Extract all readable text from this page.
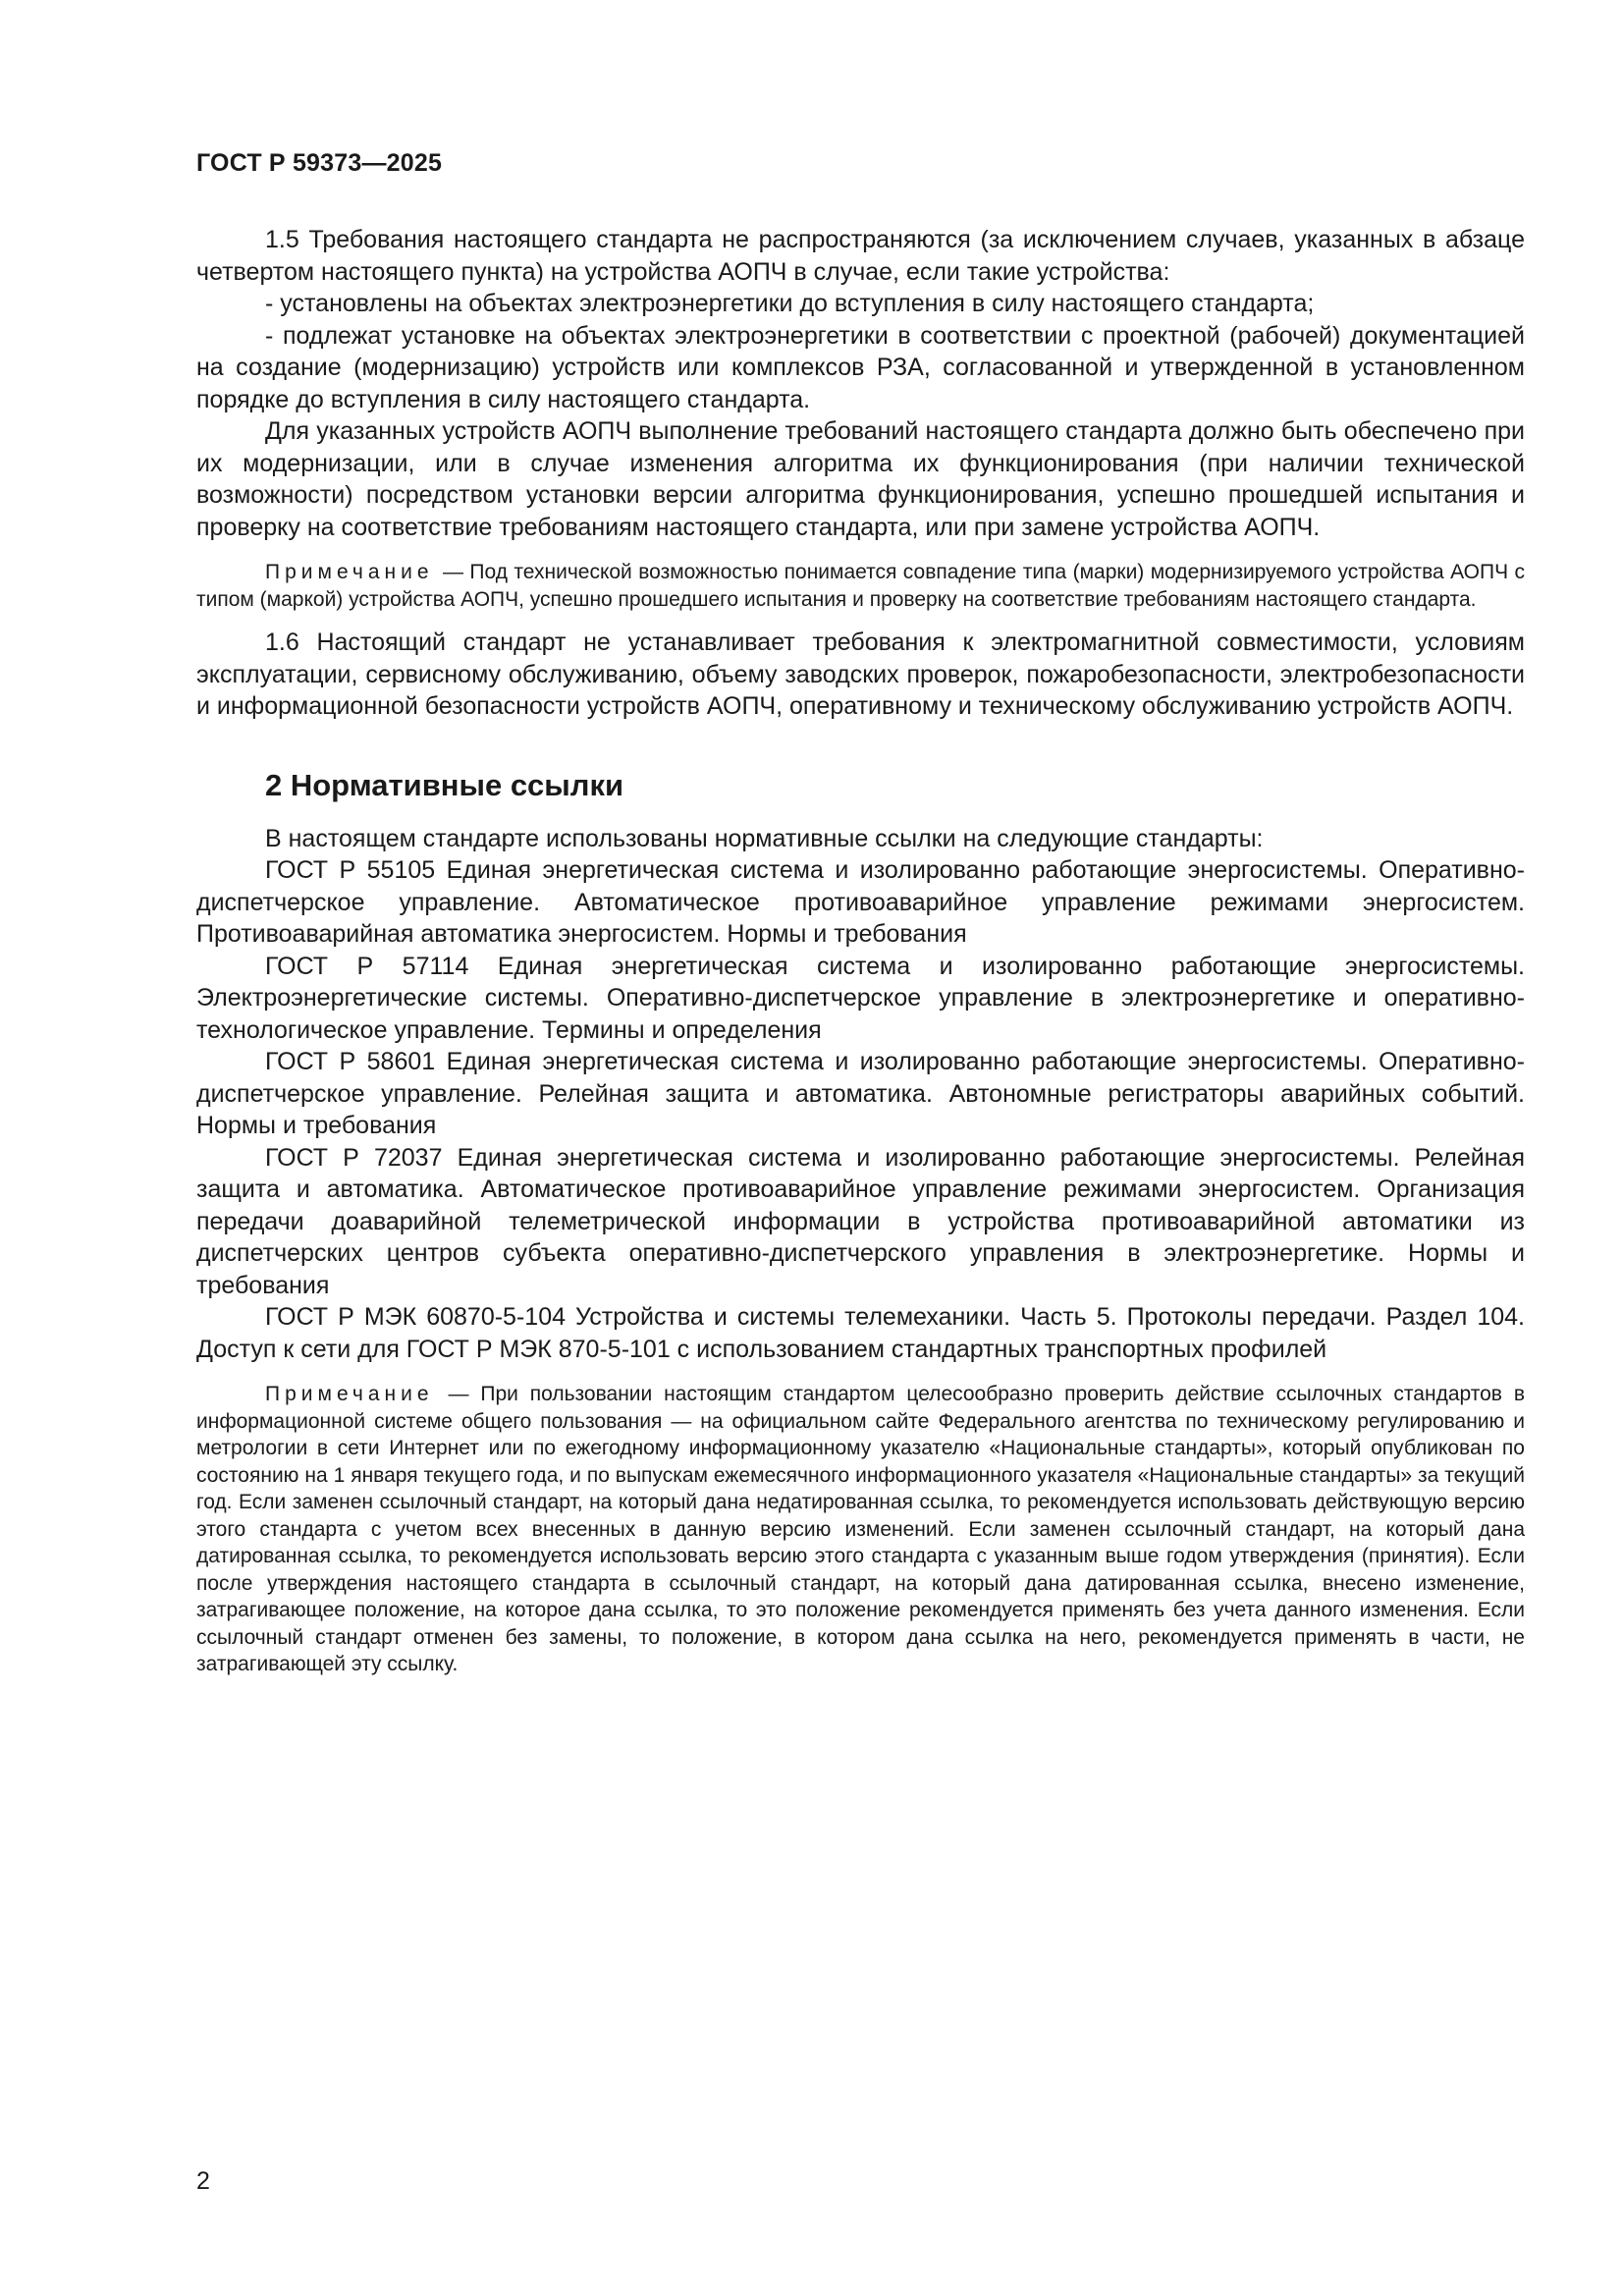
ГОСТ Р 59373—2025

1.5 Требования настоящего стандарта не распространяются (за исключением случаев, указанных в абзаце четвертом настоящего пункта) на устройства АОПЧ в случае, если такие устройства:

- установлены на объектах электроэнергетики до вступления в силу настоящего стандарта;

- подлежат установке на объектах электроэнергетики в соответствии с проектной (рабочей) документацией на создание (модернизацию) устройств или комплексов РЗА, согласованной и утвержденной в установленном порядке до вступления в силу настоящего стандарта.

Для указанных устройств АОПЧ выполнение требований настоящего стандарта должно быть обеспечено при их модернизации, или в случае изменения алгоритма их функционирования (при наличии технической возможности) посредством установки версии алгоритма функционирования, успешно прошедшей испытания и проверку на соответствие требованиям настоящего стандарта, или при замене устройства АОПЧ.

Примечание — Под технической возможностью понимается совпадение типа (марки) модернизируемого устройства АОПЧ с типом (маркой) устройства АОПЧ, успешно прошедшего испытания и проверку на соответствие требованиям настоящего стандарта.

1.6 Настоящий стандарт не устанавливает требования к электромагнитной совместимости, условиям эксплуатации, сервисному обслуживанию, объему заводских проверок, пожаробезопасности, электробезопасности и информационной безопасности устройств АОПЧ, оперативному и техническому обслуживанию устройств АОПЧ.

2 Нормативные ссылки

В настоящем стандарте использованы нормативные ссылки на следующие стандарты:

ГОСТ Р 55105 Единая энергетическая система и изолированно работающие энергосистемы. Оперативно-диспетчерское управление. Автоматическое противоаварийное управление режимами энергосистем. Противоаварийная автоматика энергосистем. Нормы и требования

ГОСТ Р 57114 Единая энергетическая система и изолированно работающие энергосистемы. Электроэнергетические системы. Оперативно-диспетчерское управление в электроэнергетике и оперативно-технологическое управление. Термины и определения

ГОСТ Р 58601 Единая энергетическая система и изолированно работающие энергосистемы. Оперативно-диспетчерское управление. Релейная защита и автоматика. Автономные регистраторы аварийных событий. Нормы и требования

ГОСТ Р 72037 Единая энергетическая система и изолированно работающие энергосистемы. Релейная защита и автоматика. Автоматическое противоаварийное управление режимами энергосистем. Организация передачи доаварийной телеметрической информации в устройства противоаварийной автоматики из диспетчерских центров субъекта оперативно-диспетчерского управления в электроэнергетике. Нормы и требования

ГОСТ Р МЭК 60870-5-104 Устройства и системы телемеханики. Часть 5. Протоколы передачи. Раздел 104. Доступ к сети для ГОСТ Р МЭК 870-5-101 с использованием стандартных транспортных профилей

Примечание — При пользовании настоящим стандартом целесообразно проверить действие ссылочных стандартов в информационной системе общего пользования — на официальном сайте Федерального агентства по техническому регулированию и метрологии в сети Интернет или по ежегодному информационному указателю «Национальные стандарты», который опубликован по состоянию на 1 января текущего года, и по выпускам ежемесячного информационного указателя «Национальные стандарты» за текущий год. Если заменен ссылочный стандарт, на который дана недатированная ссылка, то рекомендуется использовать действующую версию этого стандарта с учетом всех внесенных в данную версию изменений. Если заменен ссылочный стандарт, на который дана датированная ссылка, то рекомендуется использовать версию этого стандарта с указанным выше годом утверждения (принятия). Если после утверждения настоящего стандарта в ссылочный стандарт, на который дана датированная ссылка, внесено изменение, затрагивающее положение, на которое дана ссылка, то это положение рекомендуется применять без учета данного изменения. Если ссылочный стандарт отменен без замены, то положение, в котором дана ссылка на него, рекомендуется применять в части, не затрагивающей эту ссылку.

2
